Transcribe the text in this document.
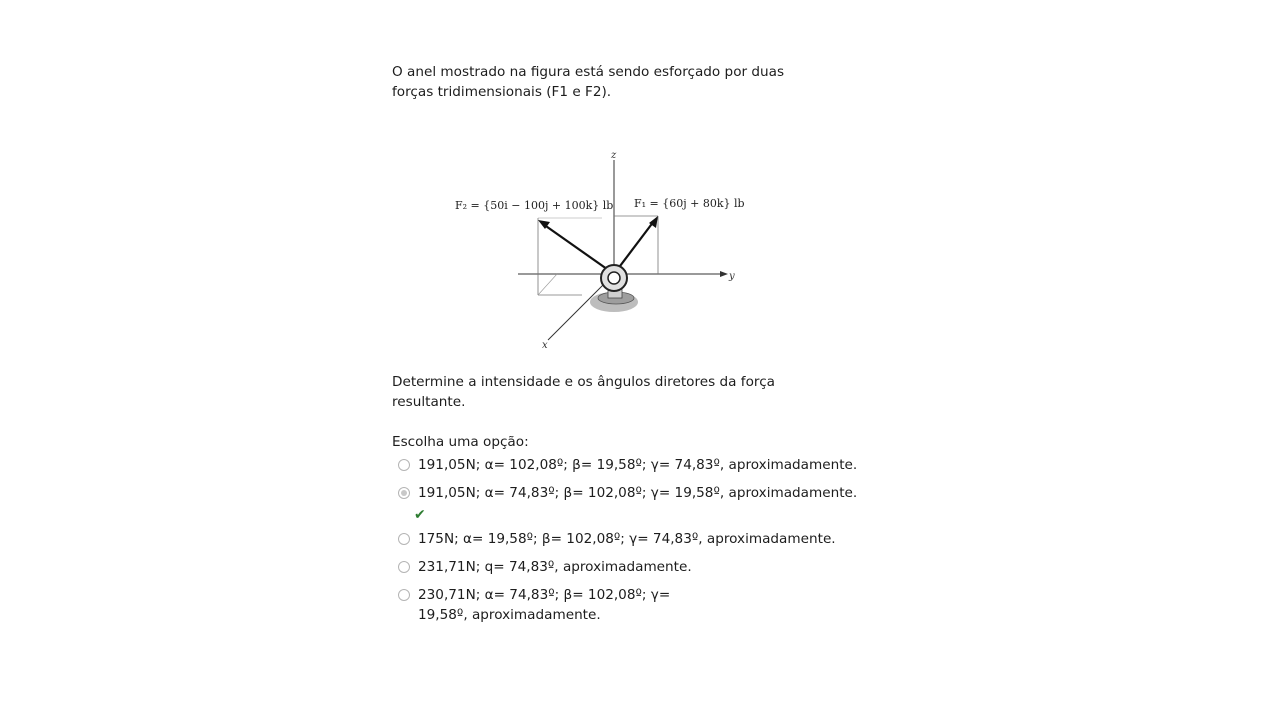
O anel mostrado na figura está sendo esforçado por duas forças tridimensionais (F1 e F2).

F₂ = {50i − 100j + 100k} lb F₁ = {60j + 80k} lb
z
y
x

Determine a intensidade e os ângulos diretores da força resultante.

Escolha uma opção:

191,05N; α= 102,08º; β= 19,58º; γ= 74,83º, aproximadamente.
191,05N; α= 74,83º; β= 102,08º; γ= 19,58º, aproximadamente.
✔
175N; α= 19,58º; β= 102,08º; γ= 74,83º, aproximadamente.
231,71N; q= 74,83º, aproximadamente.
230,71N; α= 74,83º; β= 102,08º; γ= 19,58º, aproximadamente.
